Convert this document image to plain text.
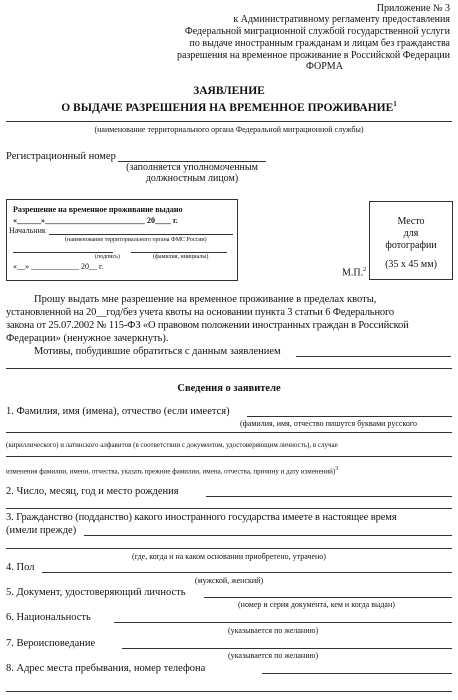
Приложение № 3
к Административному регламенту предоставления
Федеральной миграционной службой государственной услуги
по выдаче иностранным гражданам и лицам без гражданства
разрешения на временное проживание в Российской Федерации
ФОРМА
ЗАЯВЛЕНИЕ
О ВЫДАЧЕ РАЗРЕШЕНИЯ НА ВРЕМЕННОЕ ПРОЖИВАНИЕ$^1$
(наименование территориального органа Федеральной миграционной службы)
Регистрационный номер
(заполняется уполномоченным
должностным лицом)
Разрешение на временное проживание выдано
«______»_________________________ 20____ г.
Начальник
(наименование территориального органа ФМС России)
(подпись)	(фамилия, инициалы)
«__» ____________ 20__ г.
М.П.$^2$
Место
для
фотографии
(35 х 45 мм)
Прошу выдать мне разрешение на временное проживание в пределах квоты,
установленной на 20__год/без учета квоты на основании пункта 3 статьи 6 Федерального
закона от 25.07.2002 № 115-ФЗ «О правовом положении иностранных граждан в Российской
Федерации» (ненужное зачеркнуть).
Мотивы, побудившие обратиться с данным заявлением
Сведения о заявителе
1. Фамилия, имя (имена), отчество (если имеется)
(фамилия, имя, отчество пишутся буквами русского
(кириллического) и латинского алфавитов (в соответствии с документом, удостоверяющим личность), в случае
изменения фамилии, имени, отчества, указать прежние фамилии, имена, отчества, причину и дату изменений)$^3$
2. Число, месяц, год и место рождения
3. Гражданство (подданство) какого иностранного государства имеете в настоящее время
(имели прежде)
(где, когда и на каком основании приобретено, утрачено)
4. Пол
(мужской, женский)
5. Документ, удостоверяющий личность
(номер и серия документа, кем и когда выдан)
6. Национальность
(указывается по желанию)
7. Вероисповедание
(указывается по желанию)
8. Адрес места пребывания, номер телефона
